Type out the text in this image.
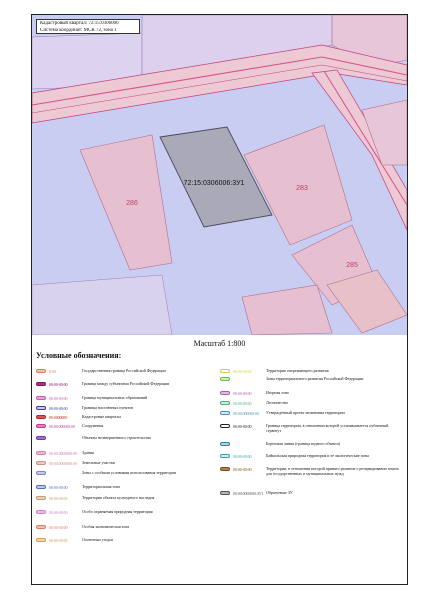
72:15:0306006:3У1
286
283
285
Кадастровый квартал: 72:15:0306006
Система координат: МСК 72, зона 1
Масштаб 1:800
Условные обозначения:
0:00	Государственная граница Российской Федерации
00:00-00:00	Граница между субъектами Российской Федерации
00:00-00:00	Граница муниципальных образований
00:00-00:00	Границы населённых пунктов
00:0000000	Кадастровые кварталы
00:00:000000:00 Сооружения
Объекты незавершенного строительства
00:00:0000000:00 Здания
00:00:0000000:00 Земельные участки
Зоны с особыми условиями использования территории
00:00-00:00	Территориальная зона
00:00-00:00	Территория объекта культурного наследия
00:00-00:00	Особо охраняемая природная территория
00:00-00:00	Особая экономическая зона
00:00-00:00	Охотничьи угодья
00:00-00:00	Территория опережающего развития
Зоны территориального развития Российской Федерации
00:00-00:00	Игорная зона
00:00-00:00	Лесничество
00:00:000000:00 Утверждённый проект межевания территории
00:00-00:00	Граница территории, в отношении которой устанавливается публичный сервитут
Береговая линия (граница водного объекта)
00:00-00:00	Байкальская природная территория и ее экологические зоны
00:00-00:00	Территории, в отношении которой принято решение о резервировании земель для государственных и муниципальных нужд
00:00:0000000:ЗУ1 Образуемые ЗУ
